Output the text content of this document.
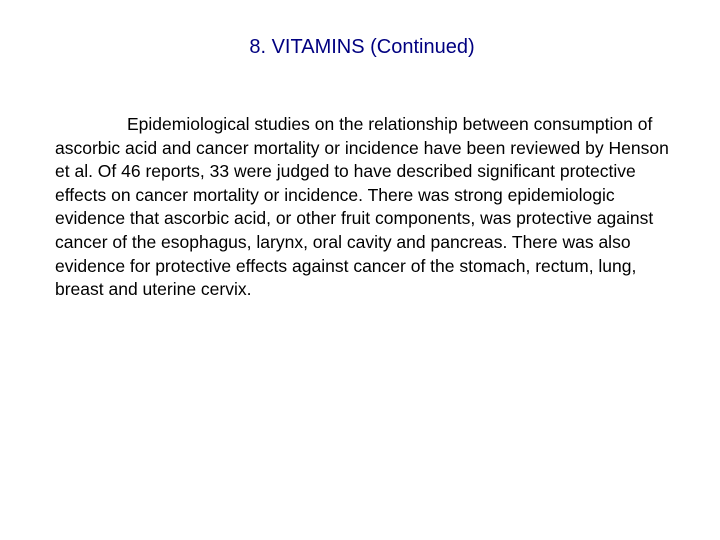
8. VITAMINS (Continued)

Epidemiological studies on the relationship between consumption of ascorbic acid and cancer mortality or incidence have been reviewed by Henson et al. Of 46 reports, 33 were judged to have described significant protective effects on cancer mortality or incidence. There was strong epidemiologic evidence that ascorbic acid, or other fruit components, was protective against cancer of the esophagus, larynx, oral cavity and pancreas. There was also evidence for protective effects against cancer of the stomach, rectum, lung, breast and uterine cervix.
